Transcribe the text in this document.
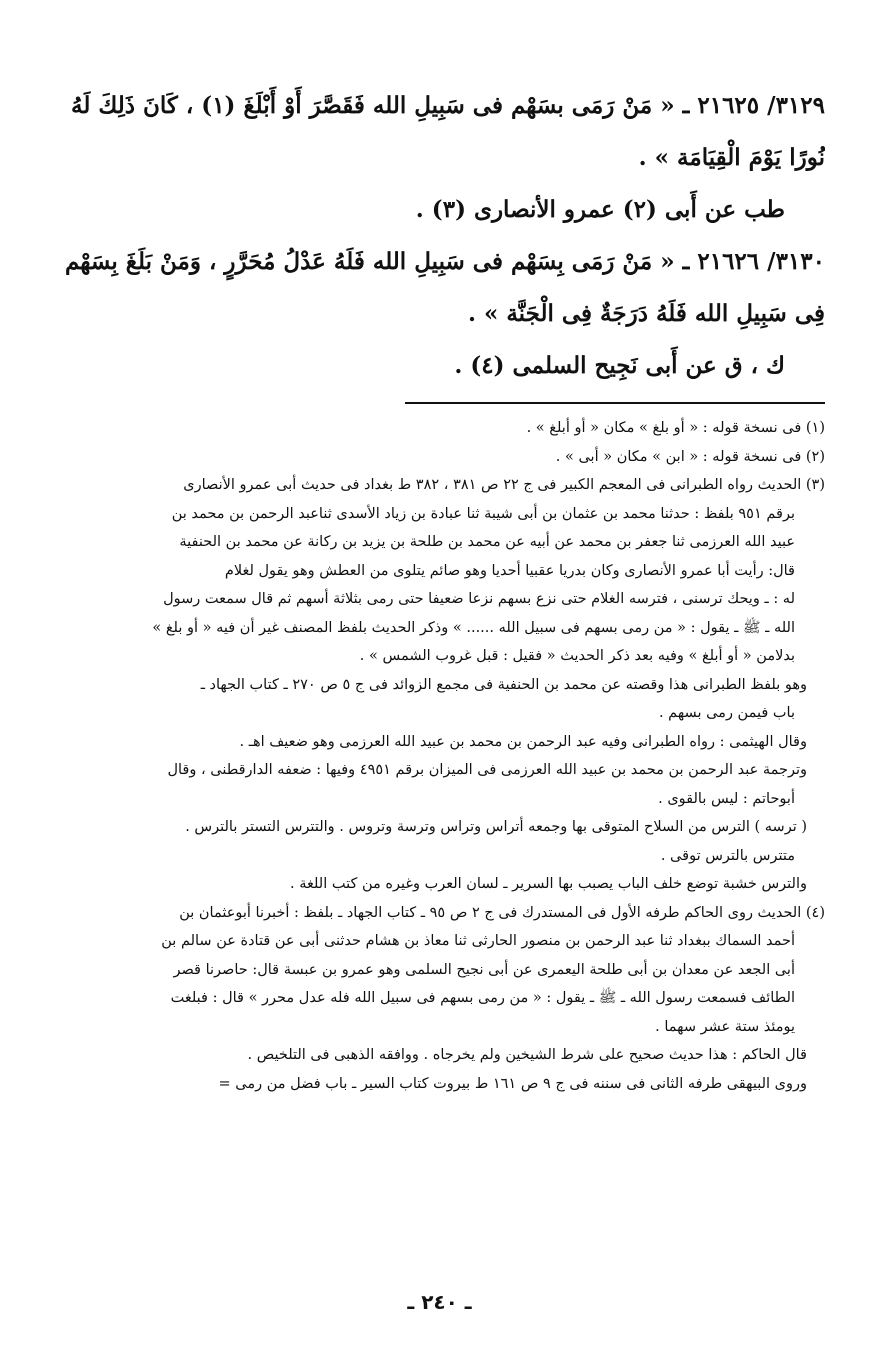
٣١٢٩/ ٢١٦٢٥ ـ « مَنْ رَمَى بسَهْم فى سَبِيلِ الله فَقَصَّرَ أَوْ أَبْلَغَ (١) ، كَانَ ذَلِكَ لَهُ
نُورًا يَوْمَ الْقِيَامَة » .
طب عن أَبى (٢) عمرو الأنصارى (٣) .
٣١٣٠/ ٢١٦٢٦ ـ « مَنْ رَمَى بِسَهْم فى سَبِيلِ الله فَلَهُ عَدْلُ مُحَرَّرٍ ، وَمَنْ بَلَغَ بِسَهْم
فِى سَبِيلِ الله فَلَهُ دَرَجَةٌ فِى الْجَنَّة » .
ك ، ق عن أَبى نَجِيح السلمى (٤) .
(١) فى نسخة قوله : « أو بلغ » مكان « أو أبلغ » .
(٢) فى نسخة قوله : « ابن » مكان « أبى » .
(٣) الحديث رواه الطبرانى فى المعجم الكبير فى ج ٢٢ ص ٣٨١ ، ٣٨٢ ط بغداد فى حديث أبى عمرو الأنصارى
برقم ٩٥١ بلفظ : حدثنا محمد بن عثمان بن أبى شيبة ثنا عبادة بن زياد الأسدى ثناعبد الرحمن بن محمد بن
عبيد الله العرزمى ثنا جعفر بن محمد عن أبيه عن محمد بن طلحة بن يزيد بن ركانة عن محمد بن الحنفية
قال: رأيت أبا عمرو الأنصارى وكان بدريا عقبيا أحديا وهو صائم يتلوى من العطش وهو يقول لغلام
له : ـ ويحك ترسنى ، فترسه الغلام حتى نزع بسهم نزعا ضعيفا حتى رمى بثلاثة أسهم ثم قال سمعت رسول
الله ـ ﷺ ـ يقول : « من رمى بسهم فى سبيل الله ...... » وذكر الحديث بلفظ المصنف غير أن فيه « أو بلغ »
بدلامن « أو أبلغ » وفيه بعد ذكر الحديث « فقيل : قبل غروب الشمس » .
وهو بلفظ الطبرانى هذا وقصته عن محمد بن الحنفية فى مجمع الزوائد فى ج ٥ ص ٢٧٠ ـ كتاب الجهاد ـ
باب فيمن رمى بسهم .
وقال الهيثمى : رواه الطبرانى وفيه عبد الرحمن بن محمد بن عبيد الله العرزمى وهو ضعيف اهـ .
وترجمة عبد الرحمن بن محمد بن عبيد الله العرزمى فى الميزان برقم ٤٩٥١ وفيها : ضعفه الدارقطنى ، وقال
أبوحاتم : ليس بالقوى .
( ترسه ) الترس من السلاح المتوقى بها وجمعه أتراس وتراس وترسة وتروس . والتترس التستر بالترس .
متترس بالترس توقى .
والترس خشبة توضع خلف الباب يصبب بها السرير ـ لسان العرب وغيره من كتب اللغة .
(٤) الحديث روى الحاكم طرفه الأول فى المستدرك فى ج ٢ ص ٩٥ ـ كتاب الجهاد ـ بلفظ : أخبرنا أبوعثمان بن
أحمد السماك ببغداد ثنا عبد الرحمن بن منصور الحارثى ثنا معاذ بن هشام حدثنى أبى عن قتادة عن سالم بن
أبى الجعد عن معدان بن أبى طلحة اليعمرى عن أبى نجيح السلمى وهو عمرو بن عبسة قال: حاصرنا قصر
الطائف فسمعت رسول الله ـ ﷺ ـ يقول : « من رمى بسهم فى سبيل الله فله عدل محرر » قال : فبلغت
يومئذ ستة عشر سهما .
قال الحاكم : هذا حديث صحيح على شرط الشيخين ولم يخرجاه . ووافقه الذهبى فى التلخيص .
وروى البيهقى طرفه الثانى فى سننه فى ج ٩ ص ١٦١ ط بيروت كتاب السير ـ باب فضل من رمى =
ـ ٢٤٠ ـ
